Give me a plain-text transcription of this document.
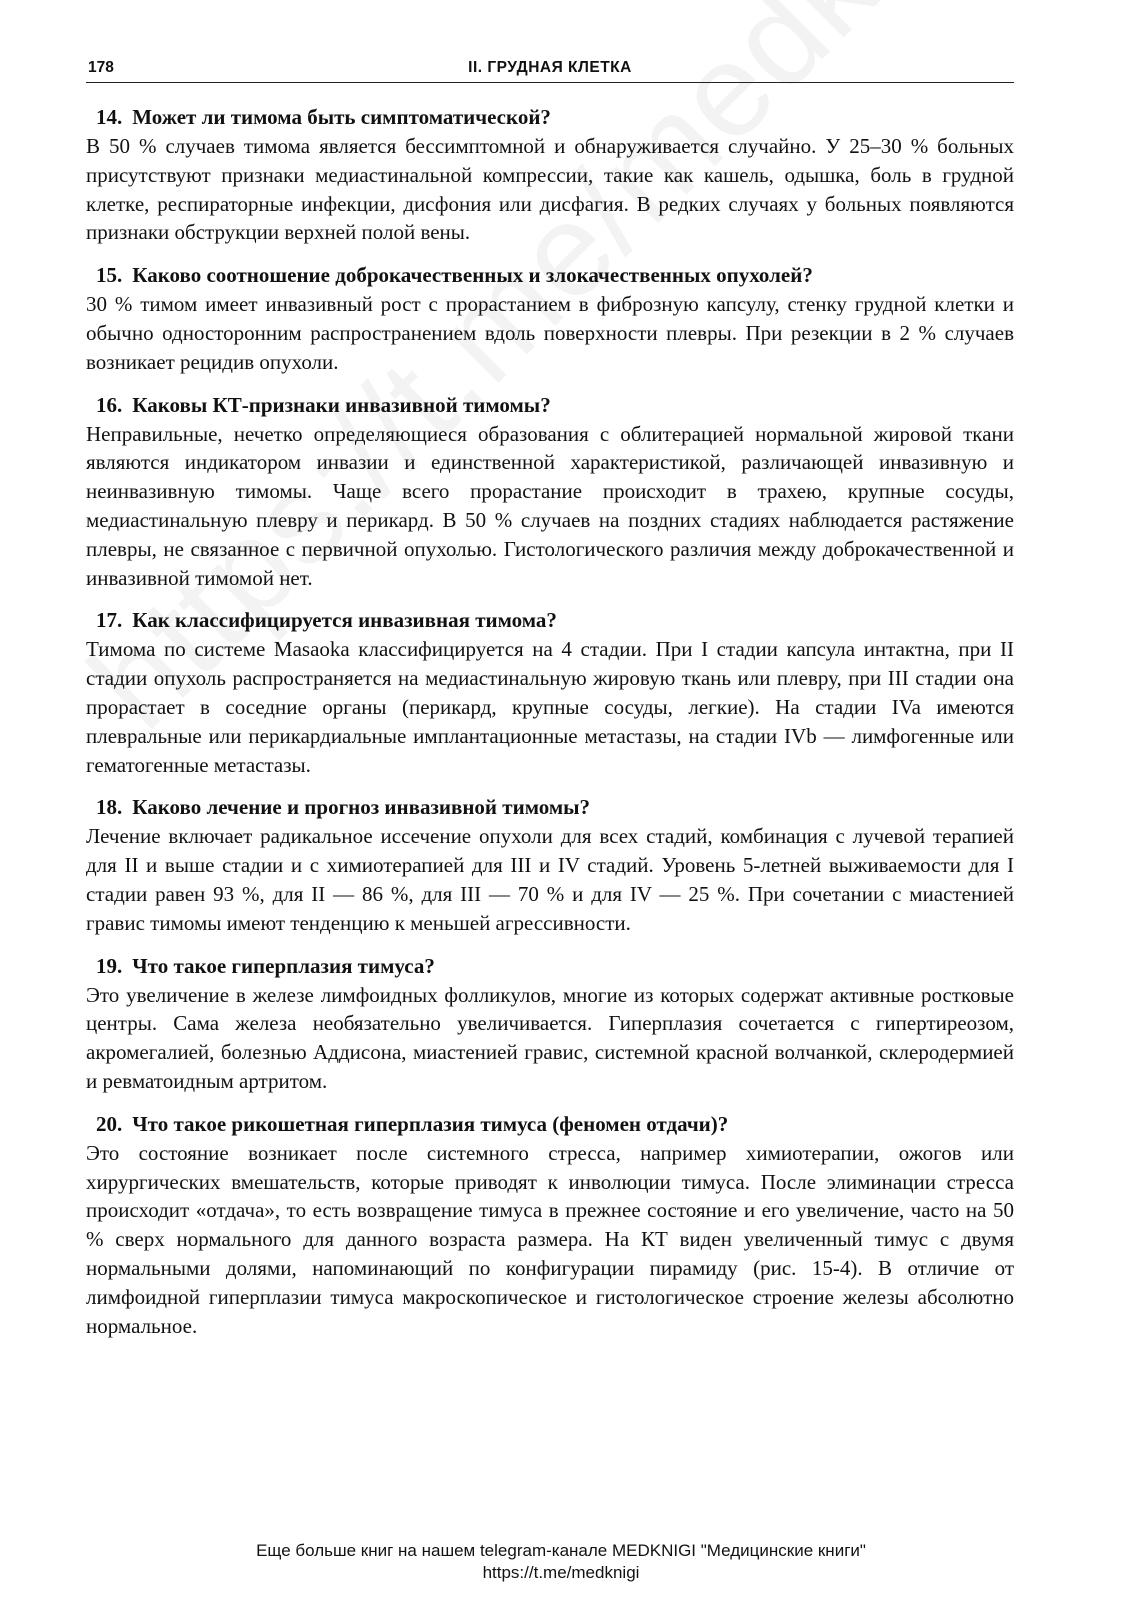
178	II. ГРУДНАЯ КЛЕТКА
14. Может ли тимома быть симптоматической?
В 50 % случаев тимома является бессимптомной и обнаруживается случайно. У 25–30 % больных присутствуют признаки медиастинальной компрессии, такие как кашель, одышка, боль в грудной клетке, респираторные инфекции, дисфония или дисфагия. В редких случаях у больных появляются признаки обструкции верхней полой вены.
15. Каково соотношение доброкачественных и злокачественных опухолей?
30 % тимом имеет инвазивный рост с прорастанием в фиброзную капсулу, стенку грудной клетки и обычно односторонним распространением вдоль поверхности плевры. При резекции в 2 % случаев возникает рецидив опухоли.
16. Каковы КТ-признаки инвазивной тимомы?
Неправильные, нечетко определяющиеся образования с облитерацией нормальной жировой ткани являются индикатором инвазии и единственной характеристикой, различающей инвазивную и неинвазивную тимомы. Чаще всего прорастание происходит в трахею, крупные сосуды, медиастинальную плевру и перикард. В 50 % случаев на поздних стадиях наблюдается растяжение плевры, не связанное с первичной опухолью. Гистологического различия между доброкачественной и инвазивной тимомой нет.
17. Как классифицируется инвазивная тимома?
Тимома по системе Masaoka классифицируется на 4 стадии. При I стадии капсула интактна, при II стадии опухоль распространяется на медиастинальную жировую ткань или плевру, при III стадии она прорастает в соседние органы (перикард, крупные сосуды, легкие). На стадии IVa имеются плевральные или перикардиальные имплантационные метастазы, на стадии IVb — лимфогенные или гематогенные метастазы.
18. Каково лечение и прогноз инвазивной тимомы?
Лечение включает радикальное иссечение опухоли для всех стадий, комбинация с лучевой терапией для II и выше стадии и с химиотерапией для III и IV стадий. Уровень 5-летней выживаемости для I стадии равен 93 %, для II — 86 %, для III — 70 % и для IV — 25 %. При сочетании с миастенией гравис тимомы имеют тенденцию к меньшей агрессивности.
19. Что такое гиперплазия тимуса?
Это увеличение в железе лимфоидных фолликулов, многие из которых содержат активные ростковые центры. Сама железа необязательно увеличивается. Гиперплазия сочетается с гипертиреозом, акромегалией, болезнью Аддисона, миастенией гравис, системной красной волчанкой, склеродермией и ревматоидным артритом.
20. Что такое рикошетная гиперплазия тимуса (феномен отдачи)?
Это состояние возникает после системного стресса, например химиотерапии, ожогов или хирургических вмешательств, которые приводят к инволюции тимуса. После элиминации стресса происходит «отдача», то есть возвращение тимуса в прежнее состояние и его увеличение, часто на 50 % сверх нормального для данного возраста размера. На КТ виден увеличенный тимус с двумя нормальными долями, напоминающий по конфигурации пирамиду (рис. 15-4). В отличие от лимфоидной гиперплазии тимуса макроскопическое и гистологическое строение железы абсолютно нормальное.
Еще больше книг на нашем telegram-канале MEDKNIGI "Медицинские книги"
https://t.me/medknigi
